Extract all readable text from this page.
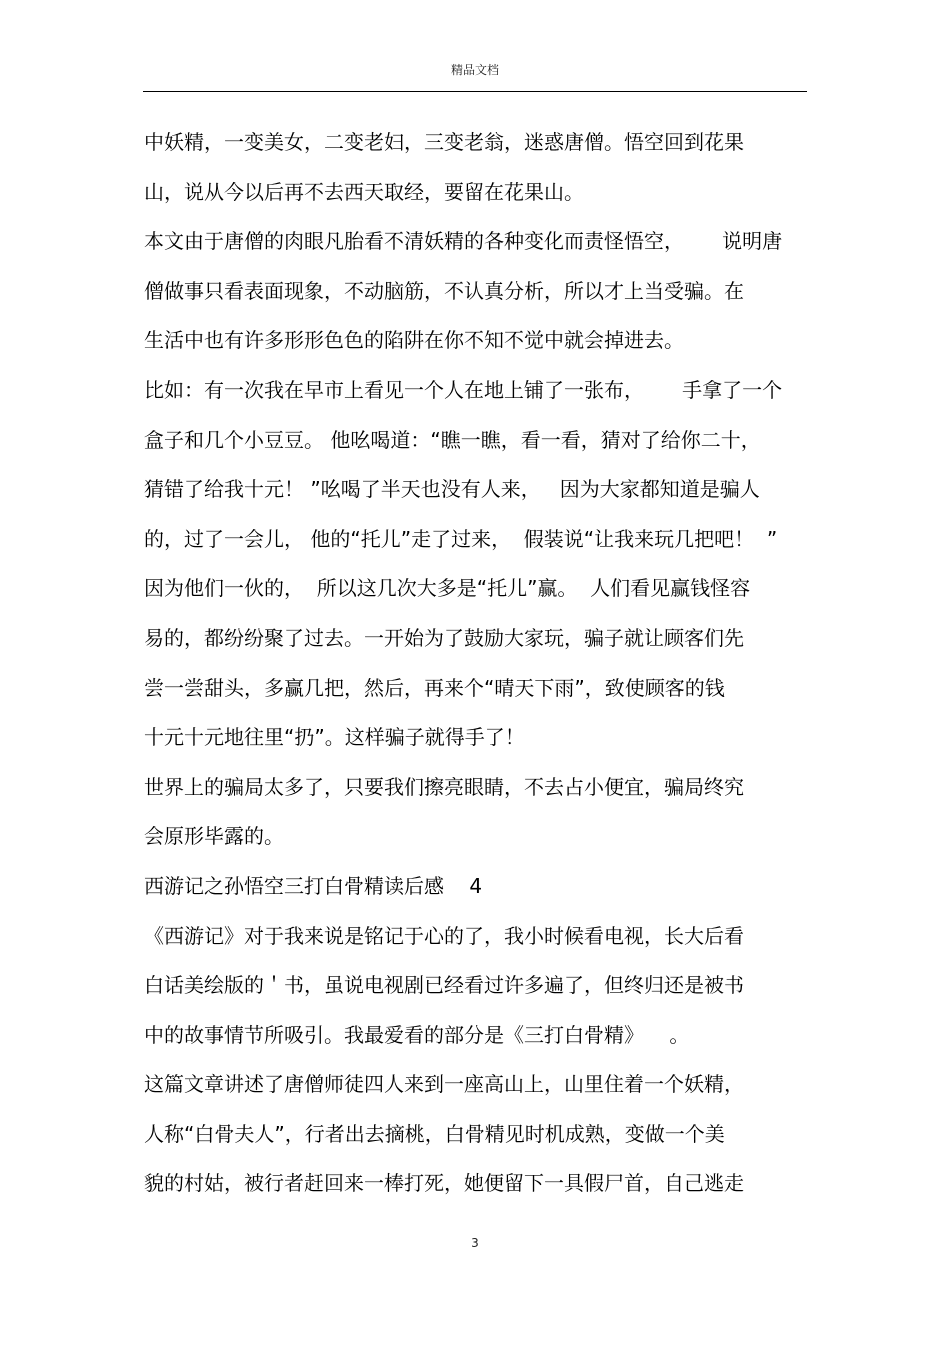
精品文档
中妖精，一变美女，二变老妇，三变老翁，迷惑唐僧。悟空回到花果
山，说从今以后再不去西天取经，要留在花果山。
本文由于唐僧的肉眼凡胎看不清妖精的各种变化而责怪悟空，      说明唐
僧做事只看表面现象，不动脑筋，不认真分析，所以才上当受骗。在
生活中也有许多形形色色的陷阱在你不知不觉中就会掉进去。
比如：有一次我在早市上看见一个人在地上铺了一张布，      手拿了一个
盒子和几个小豆豆。 他吆喝道：“瞧一瞧，看一看，猜对了给你二十，
猜错了给我十元！ ”吆喝了半天也没有人来，   因为大家都知道是骗人
的，过了一会儿， 他的“托儿”走了过来，  假装说“让我来玩几把吧！  ”
因为他们一伙的，  所以这几次大多是“托儿”赢。  人们看见赢钱怪容
易的，都纷纷聚了过去。一开始为了鼓励大家玩，骗子就让顾客们先
尝一尝甜头，多赢几把，然后，再来个“晴天下雨”，致使顾客的钱
十元十元地往里“扔”。这样骗子就得手了！
世界上的骗局太多了，只要我们擦亮眼睛，不去占小便宜，骗局终究
会原形毕露的。
西游记之孙悟空三打白骨精读后感    4
《西游记》对于我来说是铭记于心的了，我小时候看电视，长大后看
白话美绘版的＇书，虽说电视剧已经看过许多遍了，但终归还是被书
中的故事情节所吸引。我最爱看的部分是《三打白骨精》    。
这篇文章讲述了唐僧师徒四人来到一座高山上，山里住着一个妖精，
人称“白骨夫人”，行者出去摘桃，白骨精见时机成熟，变做一个美
貌的村姑，被行者赶回来一棒打死，她便留下一具假尸首，自己逃走
3
